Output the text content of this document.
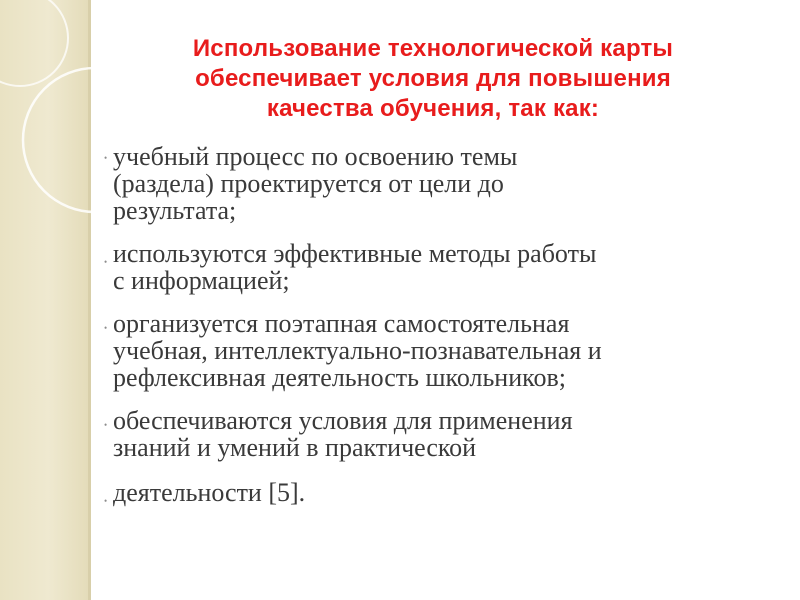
Использование технологической карты
обеспечивает условия для повышения
качества обучения, так как:
• учебный процесс по освоению темы
(раздела) проектируется от цели до
результата;
• используются эффективные методы работы
с информацией;
• организуется поэтапная самостоятельная
учебная, интеллектуально-познавательная и
рефлексивная деятельность школьников;
• обеспечиваются условия для применения
знаний и умений в практической
• деятельности [5].
